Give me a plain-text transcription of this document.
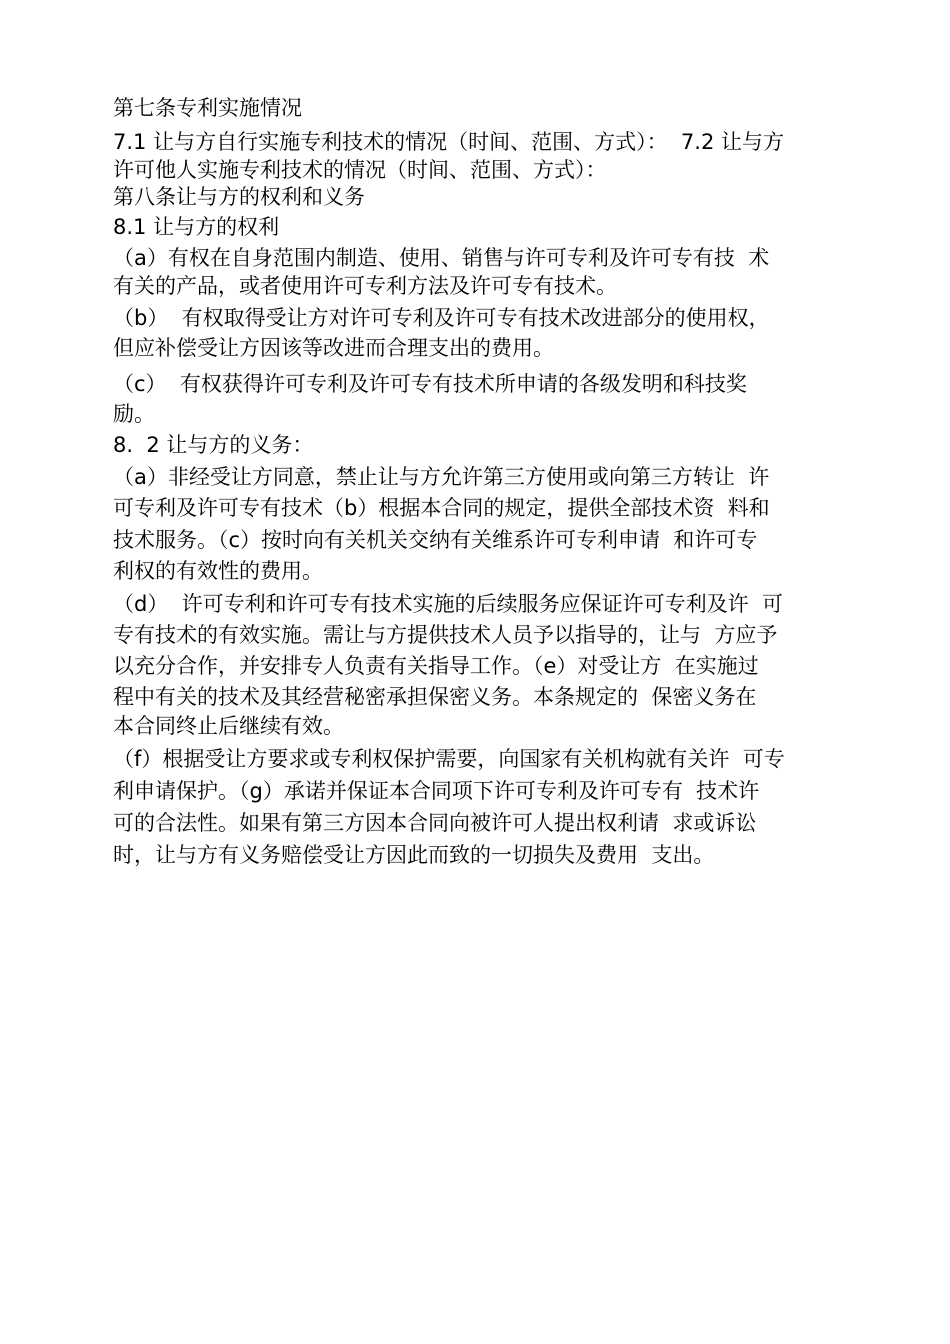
第七条专利实施情况
7.1 让与方自行实施专利技术的情况（时间、范围、方式）：  7.2 让与方
许可他人实施专利技术的情况（时间、范围、方式）：
第八条让与方的权利和义务
8.1 让与方的权利
（a）有权在自身范围内制造、使用、销售与许可专利及许可专有技  术
有关的产品，或者使用许可专利方法及许可专有技术。
（b）  有权取得受让方对许可专利及许可专有技术改进部分的使用权，
但应补偿受让方因该等改进而合理支出的费用。
（c）  有权获得许可专利及许可专有技术所申请的各级发明和科技奖
励。
8.  2 让与方的义务：
（a）非经受让方同意，禁止让与方允许第三方使用或向第三方转让  许
可专利及许可专有技术（b）根据本合同的规定，提供全部技术资  料和
技术服务。（c）按时向有关机关交纳有关维系许可专利申请  和许可专
利权的有效性的费用。
（d）  许可专利和许可专有技术实施的后续服务应保证许可专利及许  可
专有技术的有效实施。需让与方提供技术人员予以指导的，让与  方应予
以充分合作，并安排专人负责有关指导工作。（e）对受让方  在实施过
程中有关的技术及其经营秘密承担保密义务。本条规定的  保密义务在
本合同终止后继续有效。
（f）根据受让方要求或专利权保护需要，向国家有关机构就有关许  可专
利申请保护。（g）承诺并保证本合同项下许可专利及许可专有  技术许
可的合法性。如果有第三方因本合同向被许可人提出权利请  求或诉讼
时，让与方有义务赔偿受让方因此而致的一切损失及费用  支出。
